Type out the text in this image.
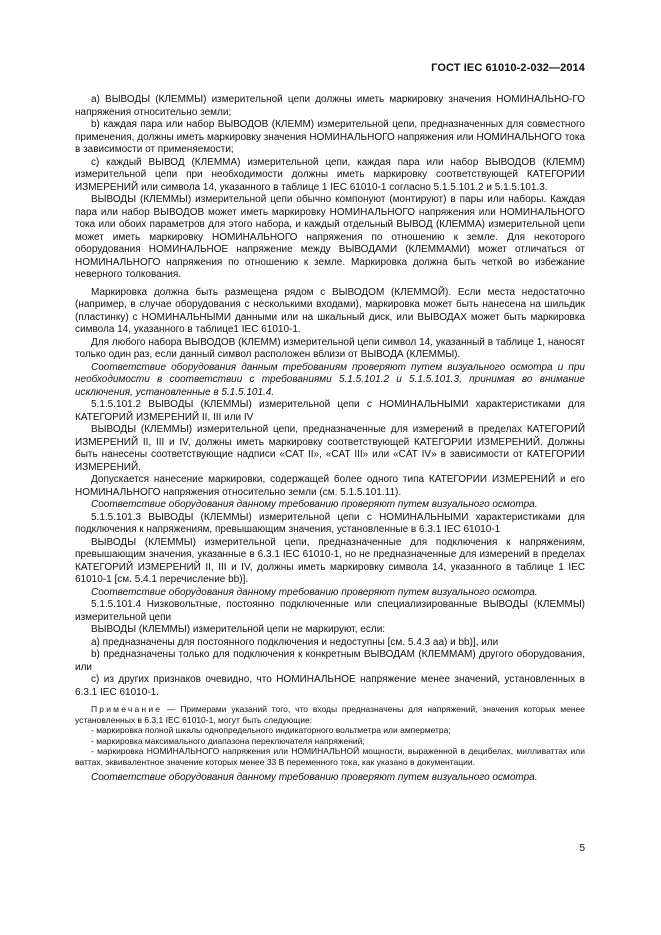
ГОСТ IEC 61010-2-032—2014

a) ВЫВОДЫ (КЛЕММЫ) измерительной цепи должны иметь маркировку значения НОМИНАЛЬНО-ГО напряжения относительно земли;

b) каждая пара или набор ВЫВОДОВ (КЛЕММ) измерительной цепи, предназначенных для совместного применения, должны иметь маркировку значения НОМИНАЛЬНОГО напряжения или НОМИНАЛЬНОГО тока в зависимости от применяемости;

c) каждый ВЫВОД (КЛЕММА) измерительной цепи, каждая пара или набор ВЫВОДОВ (КЛЕММ) измерительной цепи при необходимости должны иметь маркировку соответствующей КАТЕГОРИИ ИЗМЕРЕНИЙ или символа 14, указанного в таблице 1 IEC 61010-1 согласно 5.1.5.101.2 и 5.1.5.101.3.

ВЫВОДЫ (КЛЕММЫ) измерительной цепи обычно компонуют (монтируют) в пары или наборы. Каждая пара или набор ВЫВОДОВ может иметь маркировку НОМИНАЛЬНОГО напряжения или НОМИНАЛЬНОГО тока или обоих параметров для этого набора, и каждый отдельный ВЫВОД (КЛЕММА) измерительной цепи может иметь маркировку НОМИНАЛЬНОГО напряжения по отношению к земле. Для некоторого оборудования НОМИНАЛЬНОЕ напряжение между ВЫВОДАМИ (КЛЕММАМИ) может отличаться от НОМИНАЛЬНОГО напряжения по отношению к земле. Маркировка должна быть четкой во избежание неверного толкования.

Маркировка должна быть размещена рядом с ВЫВОДОМ (КЛЕММОЙ). Если места недостаточно (например, в случае оборудования с несколькими входами), маркировка может быть нанесена на шильдик (пластинку) с НОМИНАЛЬНЫМИ данными или на шкальный диск, или ВЫВОДАХ может быть маркировка символа 14, указанного в таблице1 IEC 61010-1.

Для любого набора ВЫВОДОВ (КЛЕММ) измерительной цепи символ 14, указанный в таблице 1, наносят только один раз, если данный символ расположен вблизи от ВЫВОДА (КЛЕММЫ).

Соответствие оборудования данным требованиям проверяют путем визуального осмотра и при необходимости в соответствии с требованиями 5.1.5.101.2 и 5.1.5.101.3, принимая во внимание исключения, установленные в 5.1.5.101.4.

5.1.5.101.2 ВЫВОДЫ (КЛЕММЫ) измерительной цепи с НОМИНАЛЬНЫМИ характеристиками для КАТЕГОРИЙ ИЗМЕРЕНИЙ II, III или IV

ВЫВОДЫ (КЛЕММЫ) измерительной цепи, предназначенные для измерений в пределах КАТЕГОРИЙ ИЗМЕРЕНИЙ II, III и IV, должны иметь маркировку соответствующей КАТЕГОРИИ ИЗМЕРЕНИЙ. Должны быть нанесены соответствующие надписи «CAT II», «CAT III» или «CAT IV» в зависимости от КАТЕГОРИИ ИЗМЕРЕНИЙ.

Допускается нанесение маркировки, содержащей более одного типа КАТЕГОРИИ ИЗМЕРЕНИЙ и его НОМИНАЛЬНОГО напряжения относительно земли (см. 5.1.5.101.11).

Соответствие оборудования данному требованию проверяют путем визуального осмотра.

5.1.5.101.3 ВЫВОДЫ (КЛЕММЫ) измерительной цепи с НОМИНАЛЬНЫМИ характеристиками для подключения к напряжениям, превышающим значения, установленные в 6.3.1 IEC 61010-1

ВЫВОДЫ (КЛЕММЫ) измерительной цепи, предназначенные для подключения к напряжениям, превышающим значения, указанные в 6.3.1 IEC 61010-1, но не предназначенные для измерений в пределах КАТЕГОРИЙ ИЗМЕРЕНИЙ II, III и IV, должны иметь маркировку символа 14, указанного в таблице 1 IEC 61010-1 [см. 5.4.1 перечисление bb)].

Соответствие оборудования данному требованию проверяют путем визуального осмотра.

5.1.5.101.4 Низковольтные, постоянно подключенные или специализированные ВЫВОДЫ (КЛЕММЫ) измерительной цепи

ВЫВОДЫ (КЛЕММЫ) измерительной цепи не маркируют, если:

a) предназначены для постоянного подключения и недоступны [см. 5.4.3 аа) и bb)], или

b) предназначены только для подключения к конкретным ВЫВОДАМ (КЛЕММАМ) другого оборудования, или

c) из других признаков очевидно, что НОМИНАЛЬНОЕ напряжение менее значений, установленных в 6.3.1 IEC 61010-1.

Примечание — Примерами указаний того, что входы предназначены для напряжений, значения которых менее установленных в 6.3.1 IEC 61010-1, могут быть следующие:

- маркировка полной шкалы однопредельного индикаторного вольтметра или амперметра;

- маркировка максимального диапазона переключателя напряжений;

- маркировка НОМИНАЛЬНОГО напряжения или НОМИНАЛЬНОЙ мощности, выраженной в децибелах, милливаттах или ваттах, эквивалентное значение которых менее 33 В переменного тока, как указано в документации.

Соответствие оборудования данному требованию проверяют путем визуального осмотра.

5
